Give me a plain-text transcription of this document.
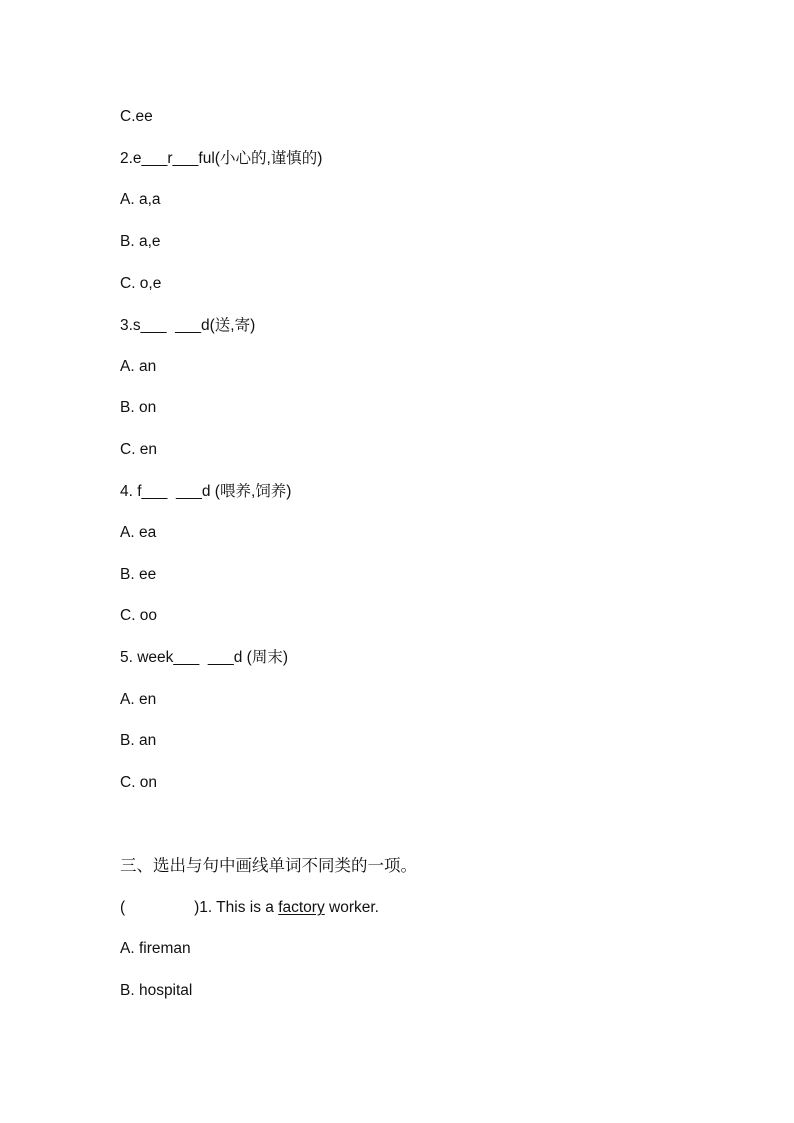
C.ee
2.e___r___ful(小心的,谨慎的)
A. a,a
B. a,e
C. o,e
3.s___  ___d(送,寄)
A. an
B. on
C. en
4. f___  ___d (喂养,饲养)
A. ea
B. ee
C. oo
5. week___  ___d (周末)
A. en
B. an
C. on
三、选出与句中画线单词不同类的一项。
(                )1. This is a factory worker.
A. fireman
B. hospital
